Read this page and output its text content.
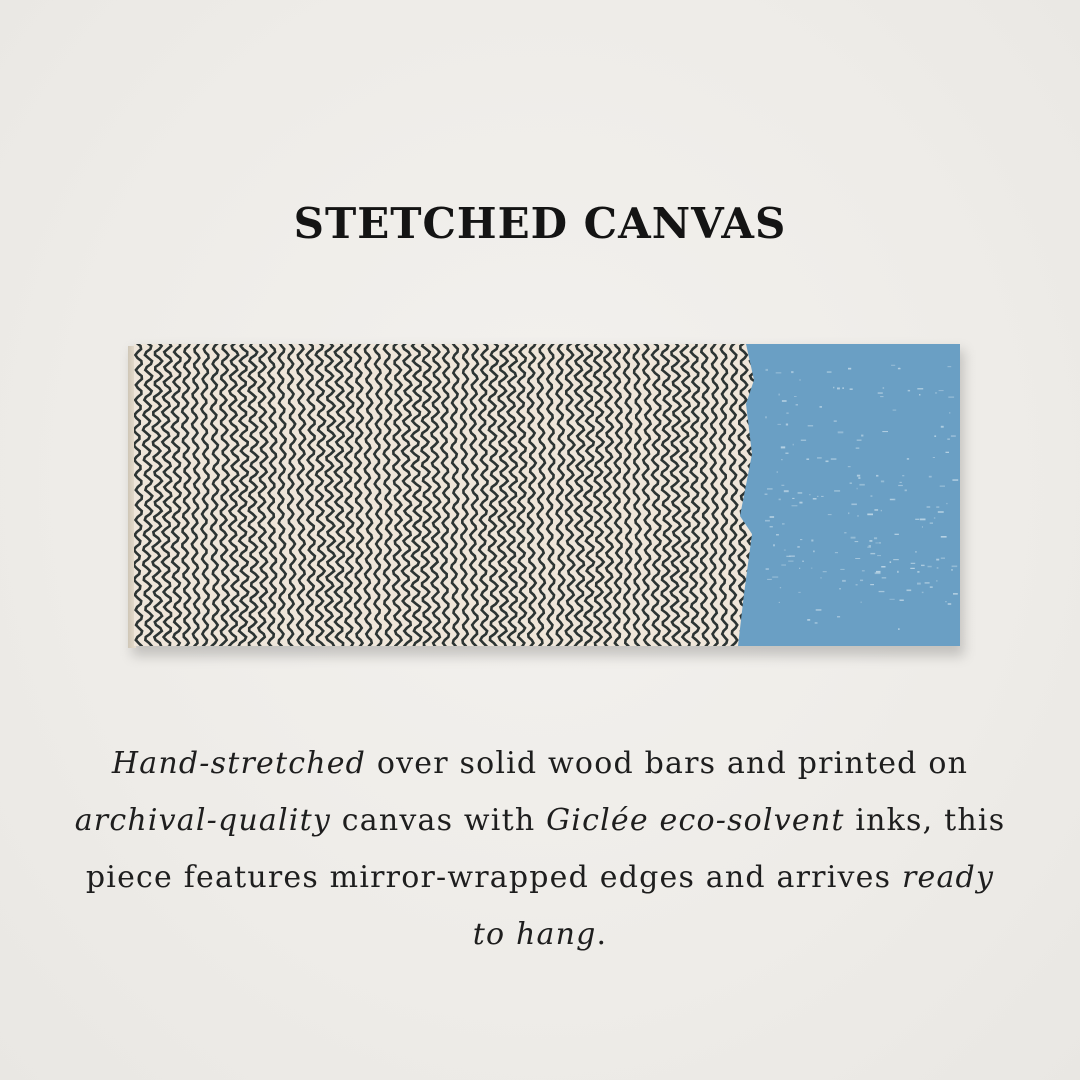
STETCHED CANVAS
Hand-stretched over solid wood bars and printed on archival-quality canvas with Giclée eco-solvent inks, this piece features mirror-wrapped edges and arrives ready to hang.
